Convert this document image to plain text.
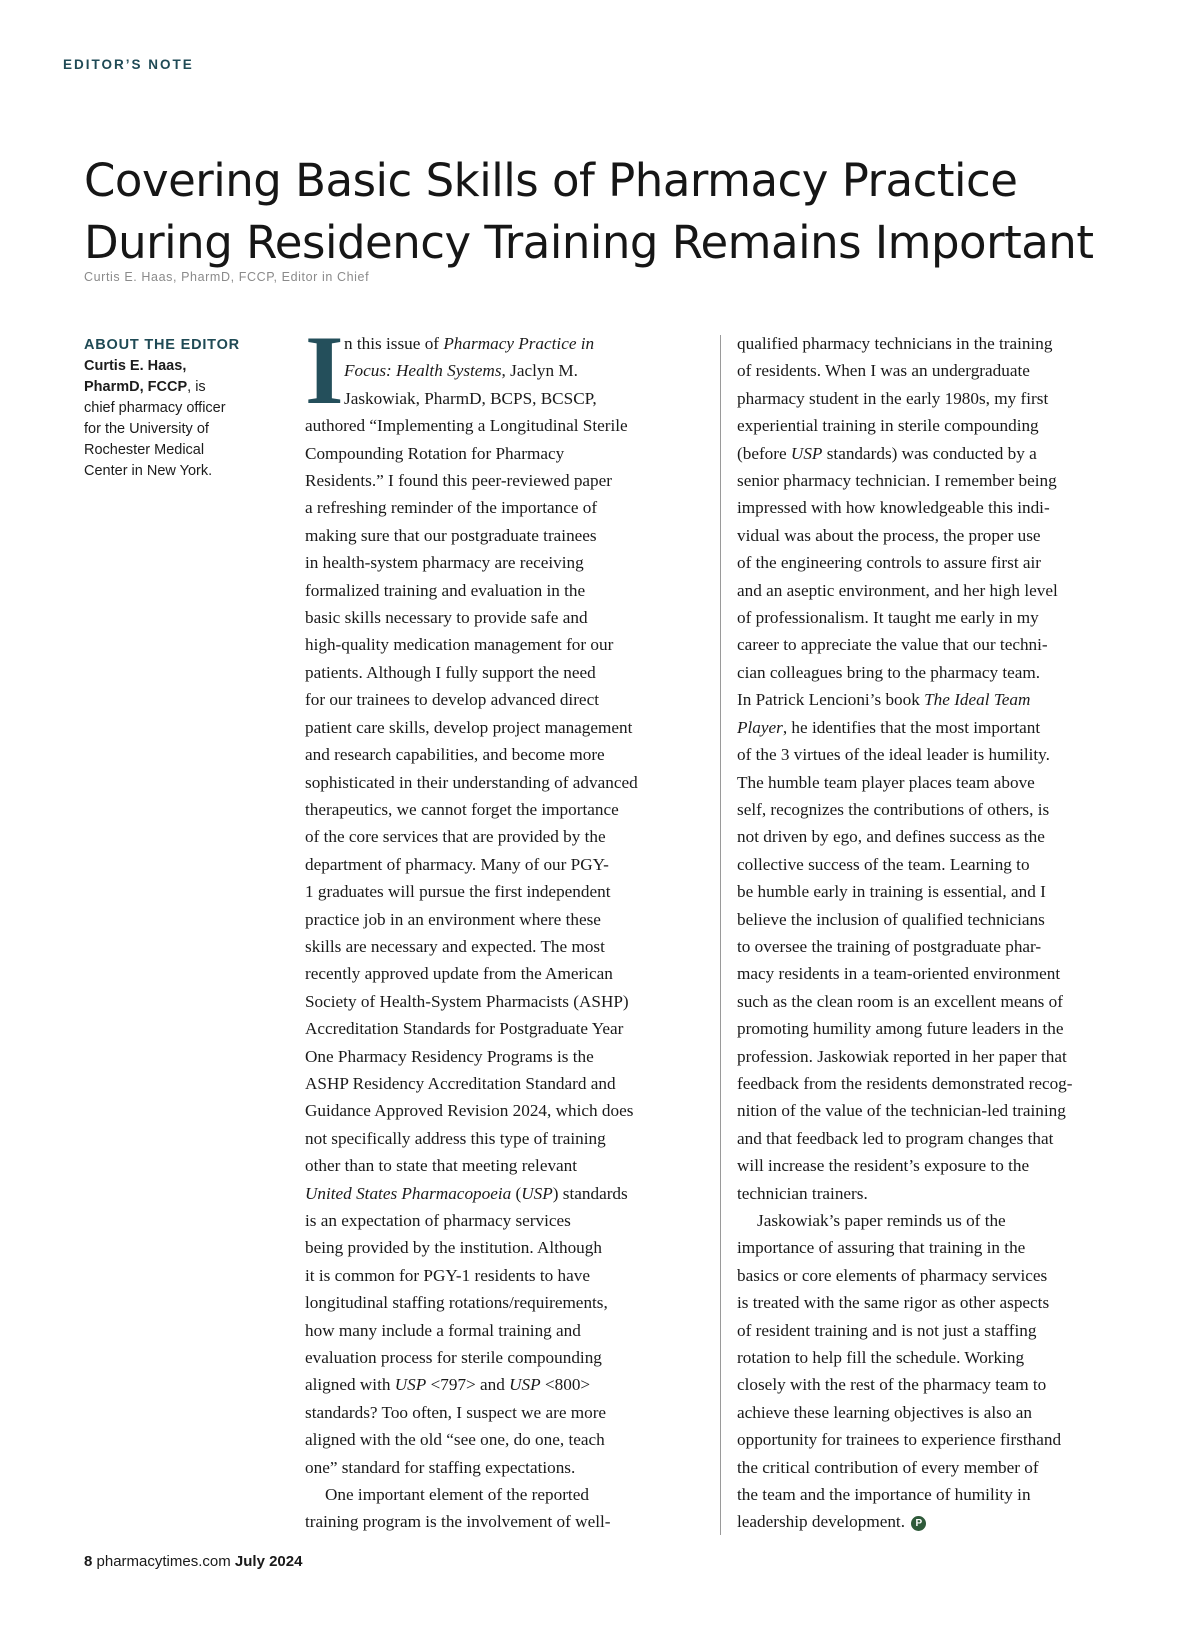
EDITOR’S NOTE
Covering Basic Skills of Pharmacy Practice
During Residency Training Remains Important
Curtis E. Haas, PharmD, FCCP, Editor in Chief
ABOUT THE EDITOR
Curtis E. Haas,
PharmD, FCCP, is
chief pharmacy officer
for the University of
Rochester Medical
Center in New York.
I n this issue of Pharmacy Practice in
Focus: Health Systems, Jaclyn M.
Jaskowiak, PharmD, BCPS, BCSCP,
authored “Implementing a Longitudinal Sterile
Compounding Rotation for Pharmacy
Residents.” I found this peer-reviewed paper
a refreshing reminder of the importance of
making sure that our postgraduate trainees
in health-system pharmacy are receiving
formalized training and evaluation in the
basic skills necessary to provide safe and
high-quality medication management for our
patients. Although I fully support the need
for our trainees to develop advanced direct
patient care skills, develop project management
and research capabilities, and become more
sophisticated in their understanding of advanced
therapeutics, we cannot forget the importance
of the core services that are provided by the
department of pharmacy. Many of our PGY-
1 graduates will pursue the first independent
practice job in an environment where these
skills are necessary and expected. The most
recently approved update from the American
Society of Health-System Pharmacists (ASHP)
Accreditation Standards for Postgraduate Year
One Pharmacy Residency Programs is the
ASHP Residency Accreditation Standard and
Guidance Approved Revision 2024, which does
not specifically address this type of training
other than to state that meeting relevant
United States Pharmacopoeia (USP) standards
is an expectation of pharmacy services
being provided by the institution. Although
it is common for PGY-1 residents to have
longitudinal staffing rotations/requirements,
how many include a formal training and
evaluation process for sterile compounding
aligned with USP <797> and USP <800>
standards? Too often, I suspect we are more
aligned with the old “see one, do one, teach
one” standard for staffing expectations.
One important element of the reported
training program is the involvement of well-
qualified pharmacy technicians in the training
of residents. When I was an undergraduate
pharmacy student in the early 1980s, my first
experiential training in sterile compounding
(before USP standards) was conducted by a
senior pharmacy technician. I remember being
impressed with how knowledgeable this indi-
vidual was about the process, the proper use
of the engineering controls to assure first air
and an aseptic environment, and her high level
of professionalism. It taught me early in my
career to appreciate the value that our techni-
cian colleagues bring to the pharmacy team.
In Patrick Lencioni’s book The Ideal Team
Player, he identifies that the most important
of the 3 virtues of the ideal leader is humility.
The humble team player places team above
self, recognizes the contributions of others, is
not driven by ego, and defines success as the
collective success of the team. Learning to
be humble early in training is essential, and I
believe the inclusion of qualified technicians
to oversee the training of postgraduate phar-
macy residents in a team-oriented environment
such as the clean room is an excellent means of
promoting humility among future leaders in the
profession. Jaskowiak reported in her paper that
feedback from the residents demonstrated recog-
nition of the value of the technician-led training
and that feedback led to program changes that
will increase the resident’s exposure to the
technician trainers.
Jaskowiak’s paper reminds us of the
importance of assuring that training in the
basics or core elements of pharmacy services
is treated with the same rigor as other aspects
of resident training and is not just a staffing
rotation to help fill the schedule. Working
closely with the rest of the pharmacy team to
achieve these learning objectives is also an
opportunity for trainees to experience firsthand
the critical contribution of every member of
the team and the importance of humility in
leadership development. P
8 pharmacytimes.com July 2024
